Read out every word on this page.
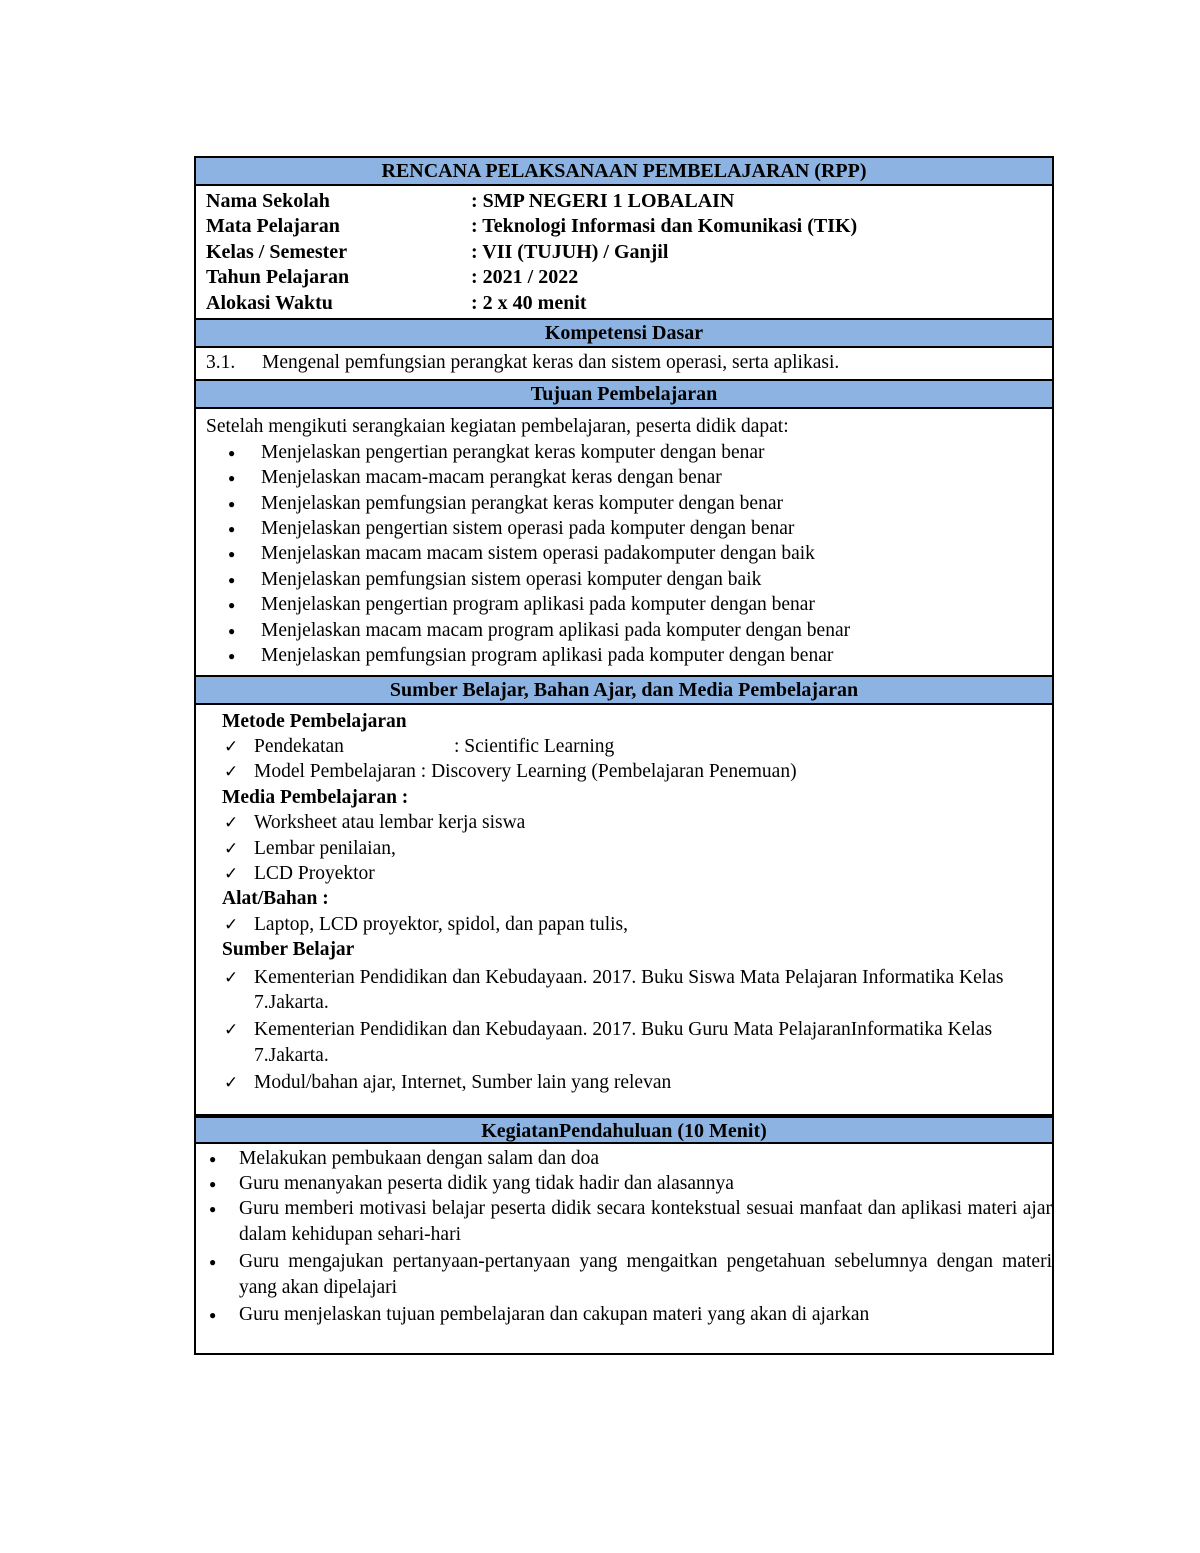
RENCANA PELAKSANAAN PEMBELAJARAN (RPP)
Nama Sekolah	: SMP NEGERI 1 LOBALAIN
Mata Pelajaran	: Teknologi Informasi dan Komunikasi (TIK)
Kelas / Semester	: VII (TUJUH) / Ganjil
Tahun Pelajaran	: 2021 / 2022
Alokasi Waktu	: 2 x 40 menit
Kompetensi Dasar
3.1. Mengenal pemfungsian perangkat keras dan sistem operasi, serta aplikasi.
Tujuan Pembelajaran
Setelah mengikuti serangkaian kegiatan pembelajaran, peserta didik dapat:
● Menjelaskan pengertian perangkat keras komputer dengan benar
● Menjelaskan macam-macam perangkat keras dengan benar
● Menjelaskan pemfungsian perangkat keras komputer dengan benar
● Menjelaskan pengertian sistem operasi pada komputer dengan benar
● Menjelaskan macam macam sistem operasi padakomputer dengan baik
● Menjelaskan pemfungsian sistem operasi komputer dengan baik
● Menjelaskan pengertian program aplikasi pada komputer dengan benar
● Menjelaskan macam macam program aplikasi pada komputer dengan benar
● Menjelaskan pemfungsian program aplikasi pada komputer dengan benar
Sumber Belajar, Bahan Ajar, dan Media Pembelajaran
Metode Pembelajaran
✓ Pendekatan	: Scientific Learning
✓ Model Pembelajaran : Discovery Learning (Pembelajaran Penemuan)
Media Pembelajaran :
✓ Worksheet atau lembar kerja siswa
✓ Lembar penilaian,
✓ LCD Proyektor
Alat/Bahan :
✓ Laptop, LCD proyektor, spidol, dan papan tulis,
Sumber Belajar
✓ Kementerian Pendidikan dan Kebudayaan. 2017. Buku Siswa Mata Pelajaran Informatika Kelas 7.Jakarta.
✓ Kementerian Pendidikan dan Kebudayaan. 2017. Buku Guru Mata PelajaranInformatika Kelas 7.Jakarta.
✓ Modul/bahan ajar, Internet, Sumber lain yang relevan
KegiatanPendahuluan (10 Menit)
● Melakukan pembukaan dengan salam dan doa
● Guru menanyakan peserta didik yang tidak hadir dan alasannya
● Guru memberi motivasi belajar peserta didik secara kontekstual sesuai manfaat dan aplikasi materi ajar dalam kehidupan sehari-hari
● Guru mengajukan pertanyaan-pertanyaan yang mengaitkan pengetahuan sebelumnya dengan materi yang akan dipelajari
● Guru menjelaskan tujuan pembelajaran dan cakupan materi yang akan di ajarkan
